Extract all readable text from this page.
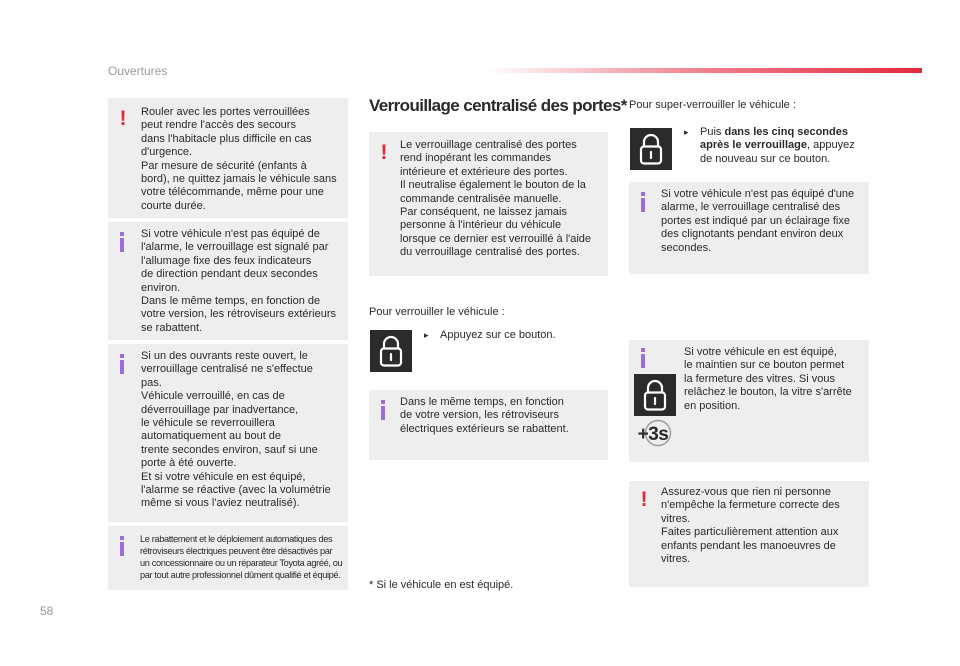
Ouvertures
58
! Rouler avec les portes verrouillées
peut rendre l'accès des secours
dans l'habitacle plus difficile en cas
d'urgence.
Par mesure de sécurité (enfants à
bord), ne quittez jamais le véhicule sans
votre télécommande, même pour une
courte durée.
Si votre véhicule n'est pas équipé de
l'alarme, le verrouillage est signalé par
l'allumage fixe des feux indicateurs
de direction pendant deux secondes
environ.
Dans le même temps, en fonction de
votre version, les rétroviseurs extérieurs
se rabattent.
Si un des ouvrants reste ouvert, le
verrouillage centralisé ne s'effectue
pas.
Véhicule verrouillé, en cas de
déverrouillage par inadvertance,
le véhicule se reverrouillera
automatiquement au bout de
trente secondes environ, sauf si une
porte à été ouverte.
Et si votre véhicule en est équipé,
l'alarme se réactive (avec la volumétrie
même si vous l'aviez neutralisé).
Le rabattement et le déploiement automatiques des
rétroviseurs électriques peuvent être désactivés par
un concessionnaire ou un réparateur Toyota agréé, ou
par tout autre professionnel dûment qualifié et équipé.
Verrouillage centralisé des portes*
! Le verrouillage centralisé des portes
rend inopérant les commandes
intérieure et extérieure des portes.
Il neutralise également le bouton de la
commande centralisée manuelle.
Par conséquent, ne laissez jamais
personne à l'intérieur du véhicule
lorsque ce dernier est verrouillé à l'aide
du verrouillage centralisé des portes.
Pour verrouiller le véhicule :
▸ Appuyez sur ce bouton.
Dans le même temps, en fonction
de votre version, les rétroviseurs
électriques extérieurs se rabattent.
* Si le véhicule en est équipé.
Pour super-verrouiller le véhicule :
▸ Puis dans les cinq secondes
après le verrouillage, appuyez
de nouveau sur ce bouton.
Si votre véhicule n'est pas équipé d'une
alarme, le verrouillage centralisé des
portes est indiqué par un éclairage fixe
des clignotants pendant environ deux
secondes.
Si votre véhicule en est équipé,
le maintien sur ce bouton permet
la fermeture des vitres. Si vous
relâchez le bouton, la vitre s'arrête
en position.
+3s
! Assurez-vous que rien ni personne
n'empêche la fermeture correcte des
vitres.
Faites particulièrement attention aux
enfants pendant les manoeuvres de
vitres.
